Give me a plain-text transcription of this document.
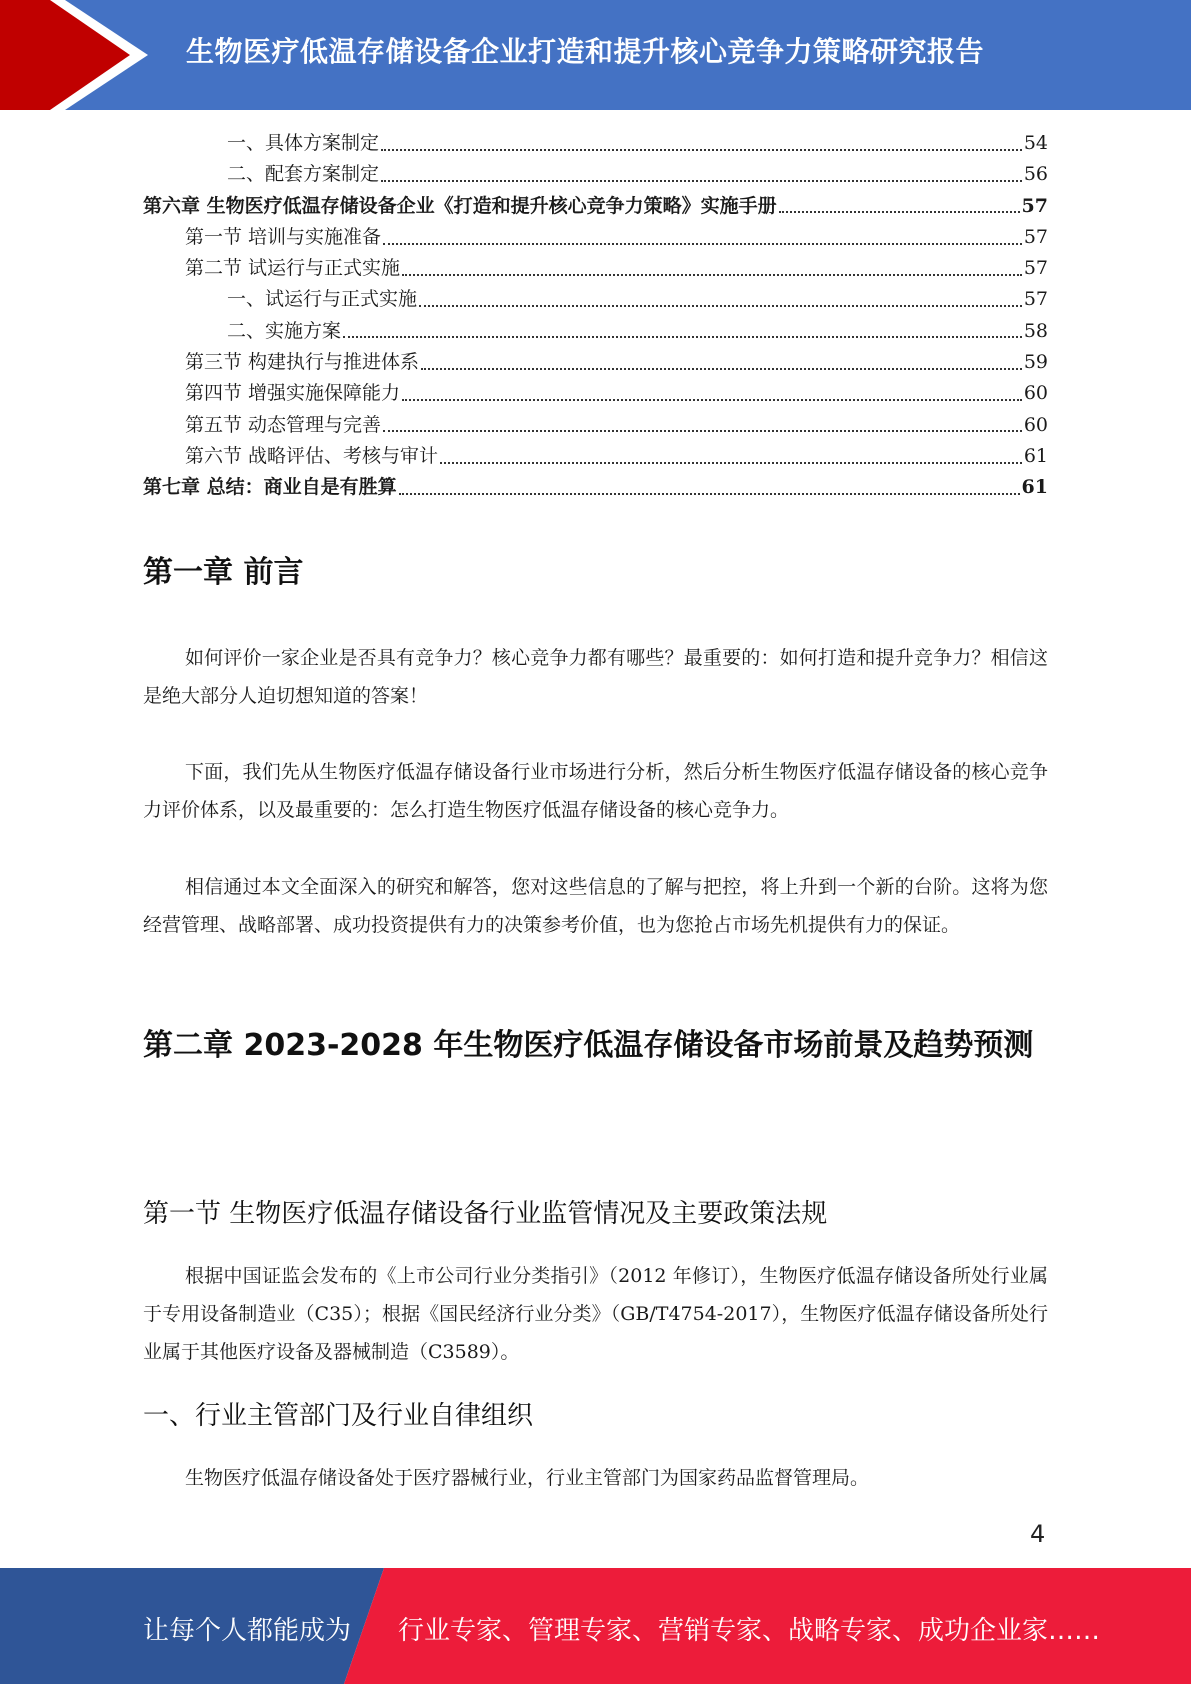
生物医疗低温存储设备企业打造和提升核心竞争力策略研究报告
一、具体方案制定	54
二、配套方案制定	56
第六章 生物医疗低温存储设备企业《打造和提升核心竞争力策略》实施手册	57
第一节 培训与实施准备	57
第二节 试运行与正式实施	57
一、试运行与正式实施	57
二、实施方案	58
第三节 构建执行与推进体系	59
第四节 增强实施保障能力	60
第五节 动态管理与完善	60
第六节 战略评估、考核与审计	61
第七章 总结：商业自是有胜算	61
第一章 前言

如何评价一家企业是否具有竞争力？核心竞争力都有哪些？最重要的：如何打造和提升竞争力？相信这是绝大部分人迫切想知道的答案！

下面，我们先从生物医疗低温存储设备行业市场进行分析，然后分析生物医疗低温存储设备的核心竞争力评价体系，以及最重要的：怎么打造生物医疗低温存储设备的核心竞争力。

相信通过本文全面深入的研究和解答，您对这些信息的了解与把控，将上升到一个新的台阶。这将为您经营管理、战略部署、成功投资提供有力的决策参考价值，也为您抢占市场先机提供有力的保证。

第二章 2023-2028 年生物医疗低温存储设备市场前景及趋势预测
第一节 生物医疗低温存储设备行业监管情况及主要政策法规

根据中国证监会发布的《上市公司行业分类指引》（2012 年修订），生物医疗低温存储设备所处行业属于专用设备制造业（C35）；根据《国民经济行业分类》（GB/T4754-2017），生物医疗低温存储设备所处行业属于其他医疗设备及器械制造（C3589）。

一、行业主管部门及行业自律组织

生物医疗低温存储设备处于医疗器械行业，行业主管部门为国家药品监督管理局。

4
让每个人都能成为 行业专家、管理专家、营销专家、战略专家、成功企业家……
